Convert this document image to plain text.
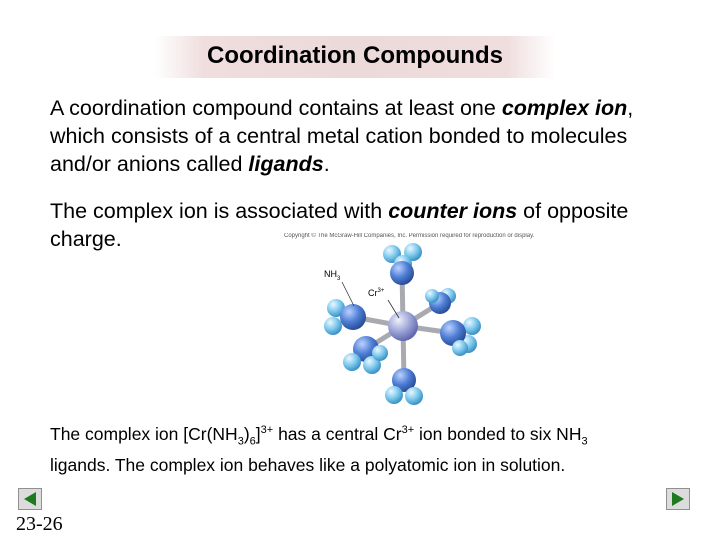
Coordination Compounds

A coordination compound contains at least one complex ion, which consists of a central metal cation bonded to molecules and/or anions called ligands.

The complex ion is associated with counter ions of opposite charge.	Copyright © The McGraw-Hill Companies, Inc. Permission required for reproduction or display.
$NH_3$
$Cr^{3+}$

The complex ion $[Cr(NH_3)_6]^{3+}$ has a central $Cr^{3+}$ ion bonded to six $NH_3$ ligands. The complex ion behaves like a polyatomic ion in solution.

23-26
